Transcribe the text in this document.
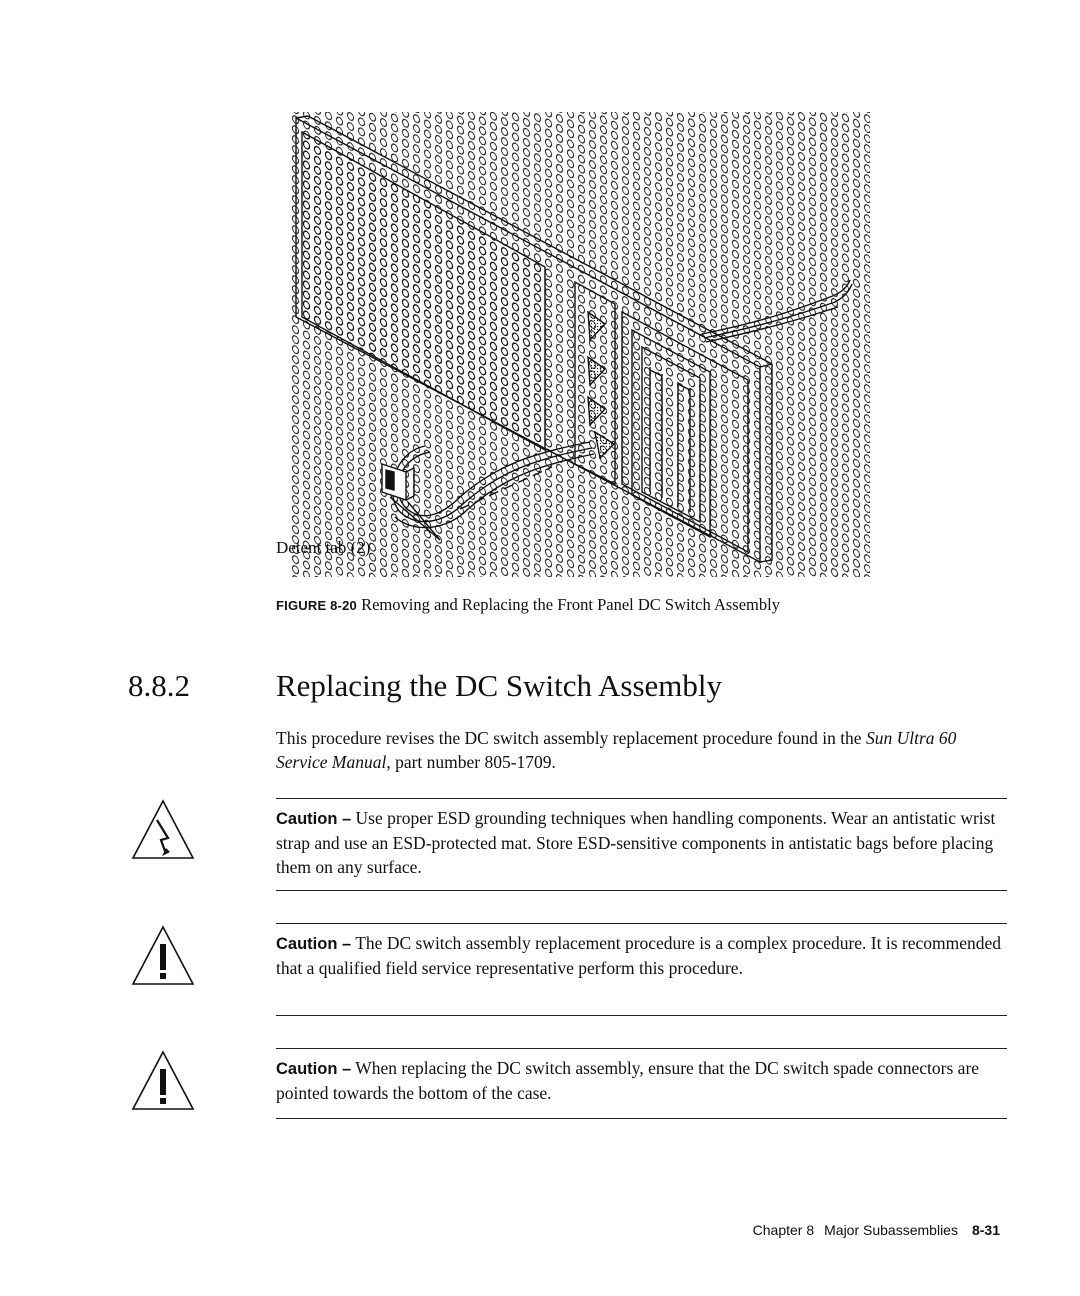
Detent tab (2)
FIGURE 8-20 Removing and Replacing the Front Panel DC Switch Assembly
8.8.2	Replacing the DC Switch Assembly
This procedure revises the DC switch assembly replacement procedure found in the Sun Ultra 60 Service Manual, part number 805-1709.
Caution – Use proper ESD grounding techniques when handling components. Wear an antistatic wrist strap and use an ESD-protected mat. Store ESD-sensitive components in antistatic bags before placing them on any surface.
Caution – The DC switch assembly replacement procedure is a complex procedure. It is recommended that a qualified field service representative perform this procedure.
Caution – When replacing the DC switch assembly, ensure that the DC switch spade connectors are pointed towards the bottom of the case.
Chapter 8 Major Subassemblies 8-31
